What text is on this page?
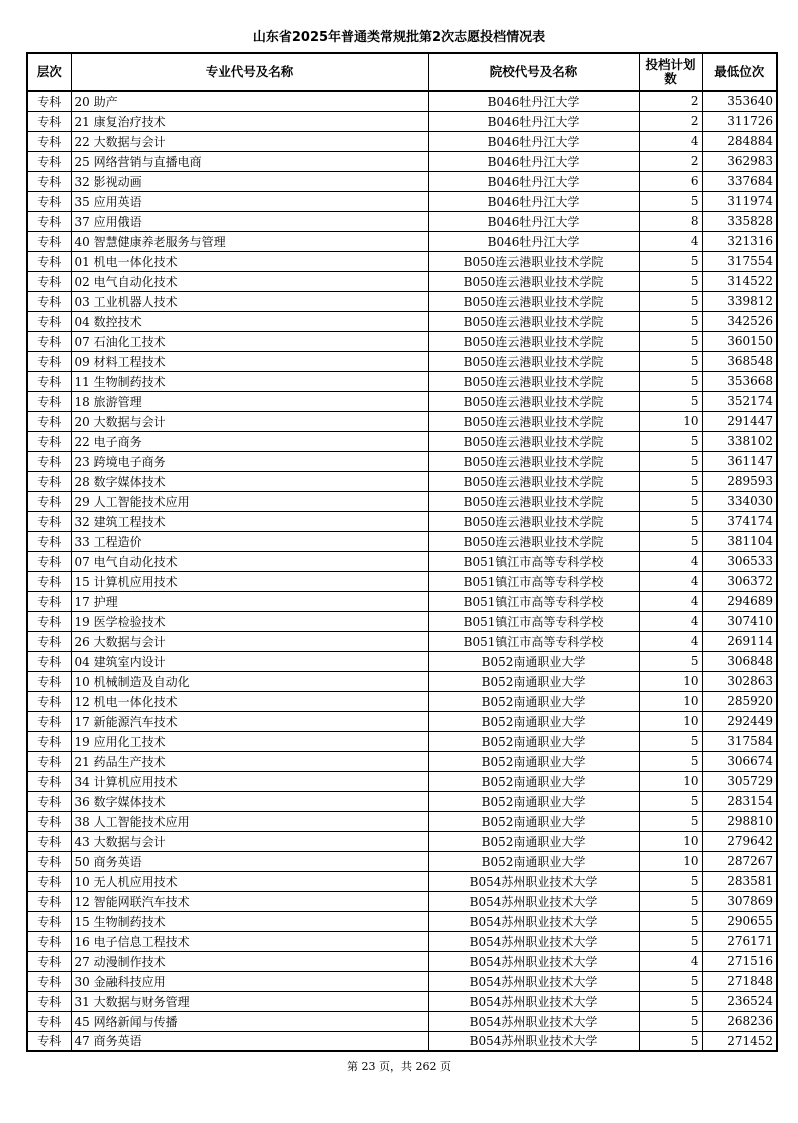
山东省2025年普通类常规批第2次志愿投档情况表
层次	专业代号及名称	院校代号及名称	投档计划数	最低位次
专科	20 助产	B046牡丹江大学	2	353640
专科	21 康复治疗技术	B046牡丹江大学	2	311726
专科	22 大数据与会计	B046牡丹江大学	4	284884
专科	25 网络营销与直播电商	B046牡丹江大学	2	362983
专科	32 影视动画	B046牡丹江大学	6	337684
专科	35 应用英语	B046牡丹江大学	5	311974
专科	37 应用俄语	B046牡丹江大学	8	335828
专科	40 智慧健康养老服务与管理	B046牡丹江大学	4	321316
专科	01 机电一体化技术	B050连云港职业技术学院	5	317554
专科	02 电气自动化技术	B050连云港职业技术学院	5	314522
专科	03 工业机器人技术	B050连云港职业技术学院	5	339812
专科	04 数控技术	B050连云港职业技术学院	5	342526
专科	07 石油化工技术	B050连云港职业技术学院	5	360150
专科	09 材料工程技术	B050连云港职业技术学院	5	368548
专科	11 生物制药技术	B050连云港职业技术学院	5	353668
专科	18 旅游管理	B050连云港职业技术学院	5	352174
专科	20 大数据与会计	B050连云港职业技术学院	10	291447
专科	22 电子商务	B050连云港职业技术学院	5	338102
专科	23 跨境电子商务	B050连云港职业技术学院	5	361147
专科	28 数字媒体技术	B050连云港职业技术学院	5	289593
专科	29 人工智能技术应用	B050连云港职业技术学院	5	334030
专科	32 建筑工程技术	B050连云港职业技术学院	5	374174
专科	33 工程造价	B050连云港职业技术学院	5	381104
专科	07 电气自动化技术	B051镇江市高等专科学校	4	306533
专科	15 计算机应用技术	B051镇江市高等专科学校	4	306372
专科	17 护理	B051镇江市高等专科学校	4	294689
专科	19 医学检验技术	B051镇江市高等专科学校	4	307410
专科	26 大数据与会计	B051镇江市高等专科学校	4	269114
专科	04 建筑室内设计	B052南通职业大学	5	306848
专科	10 机械制造及自动化	B052南通职业大学	10	302863
专科	12 机电一体化技术	B052南通职业大学	10	285920
专科	17 新能源汽车技术	B052南通职业大学	10	292449
专科	19 应用化工技术	B052南通职业大学	5	317584
专科	21 药品生产技术	B052南通职业大学	5	306674
专科	34 计算机应用技术	B052南通职业大学	10	305729
专科	36 数字媒体技术	B052南通职业大学	5	283154
专科	38 人工智能技术应用	B052南通职业大学	5	298810
专科	43 大数据与会计	B052南通职业大学	10	279642
专科	50 商务英语	B052南通职业大学	10	287267
专科	10 无人机应用技术	B054苏州职业技术大学	5	283581
专科	12 智能网联汽车技术	B054苏州职业技术大学	5	307869
专科	15 生物制药技术	B054苏州职业技术大学	5	290655
专科	16 电子信息工程技术	B054苏州职业技术大学	5	276171
专科	27 动漫制作技术	B054苏州职业技术大学	4	271516
专科	30 金融科技应用	B054苏州职业技术大学	5	271848
专科	31 大数据与财务管理	B054苏州职业技术大学	5	236524
专科	45 网络新闻与传播	B054苏州职业技术大学	5	268236
专科	47 商务英语	B054苏州职业技术大学	5	271452
第 23 页，共 262 页
